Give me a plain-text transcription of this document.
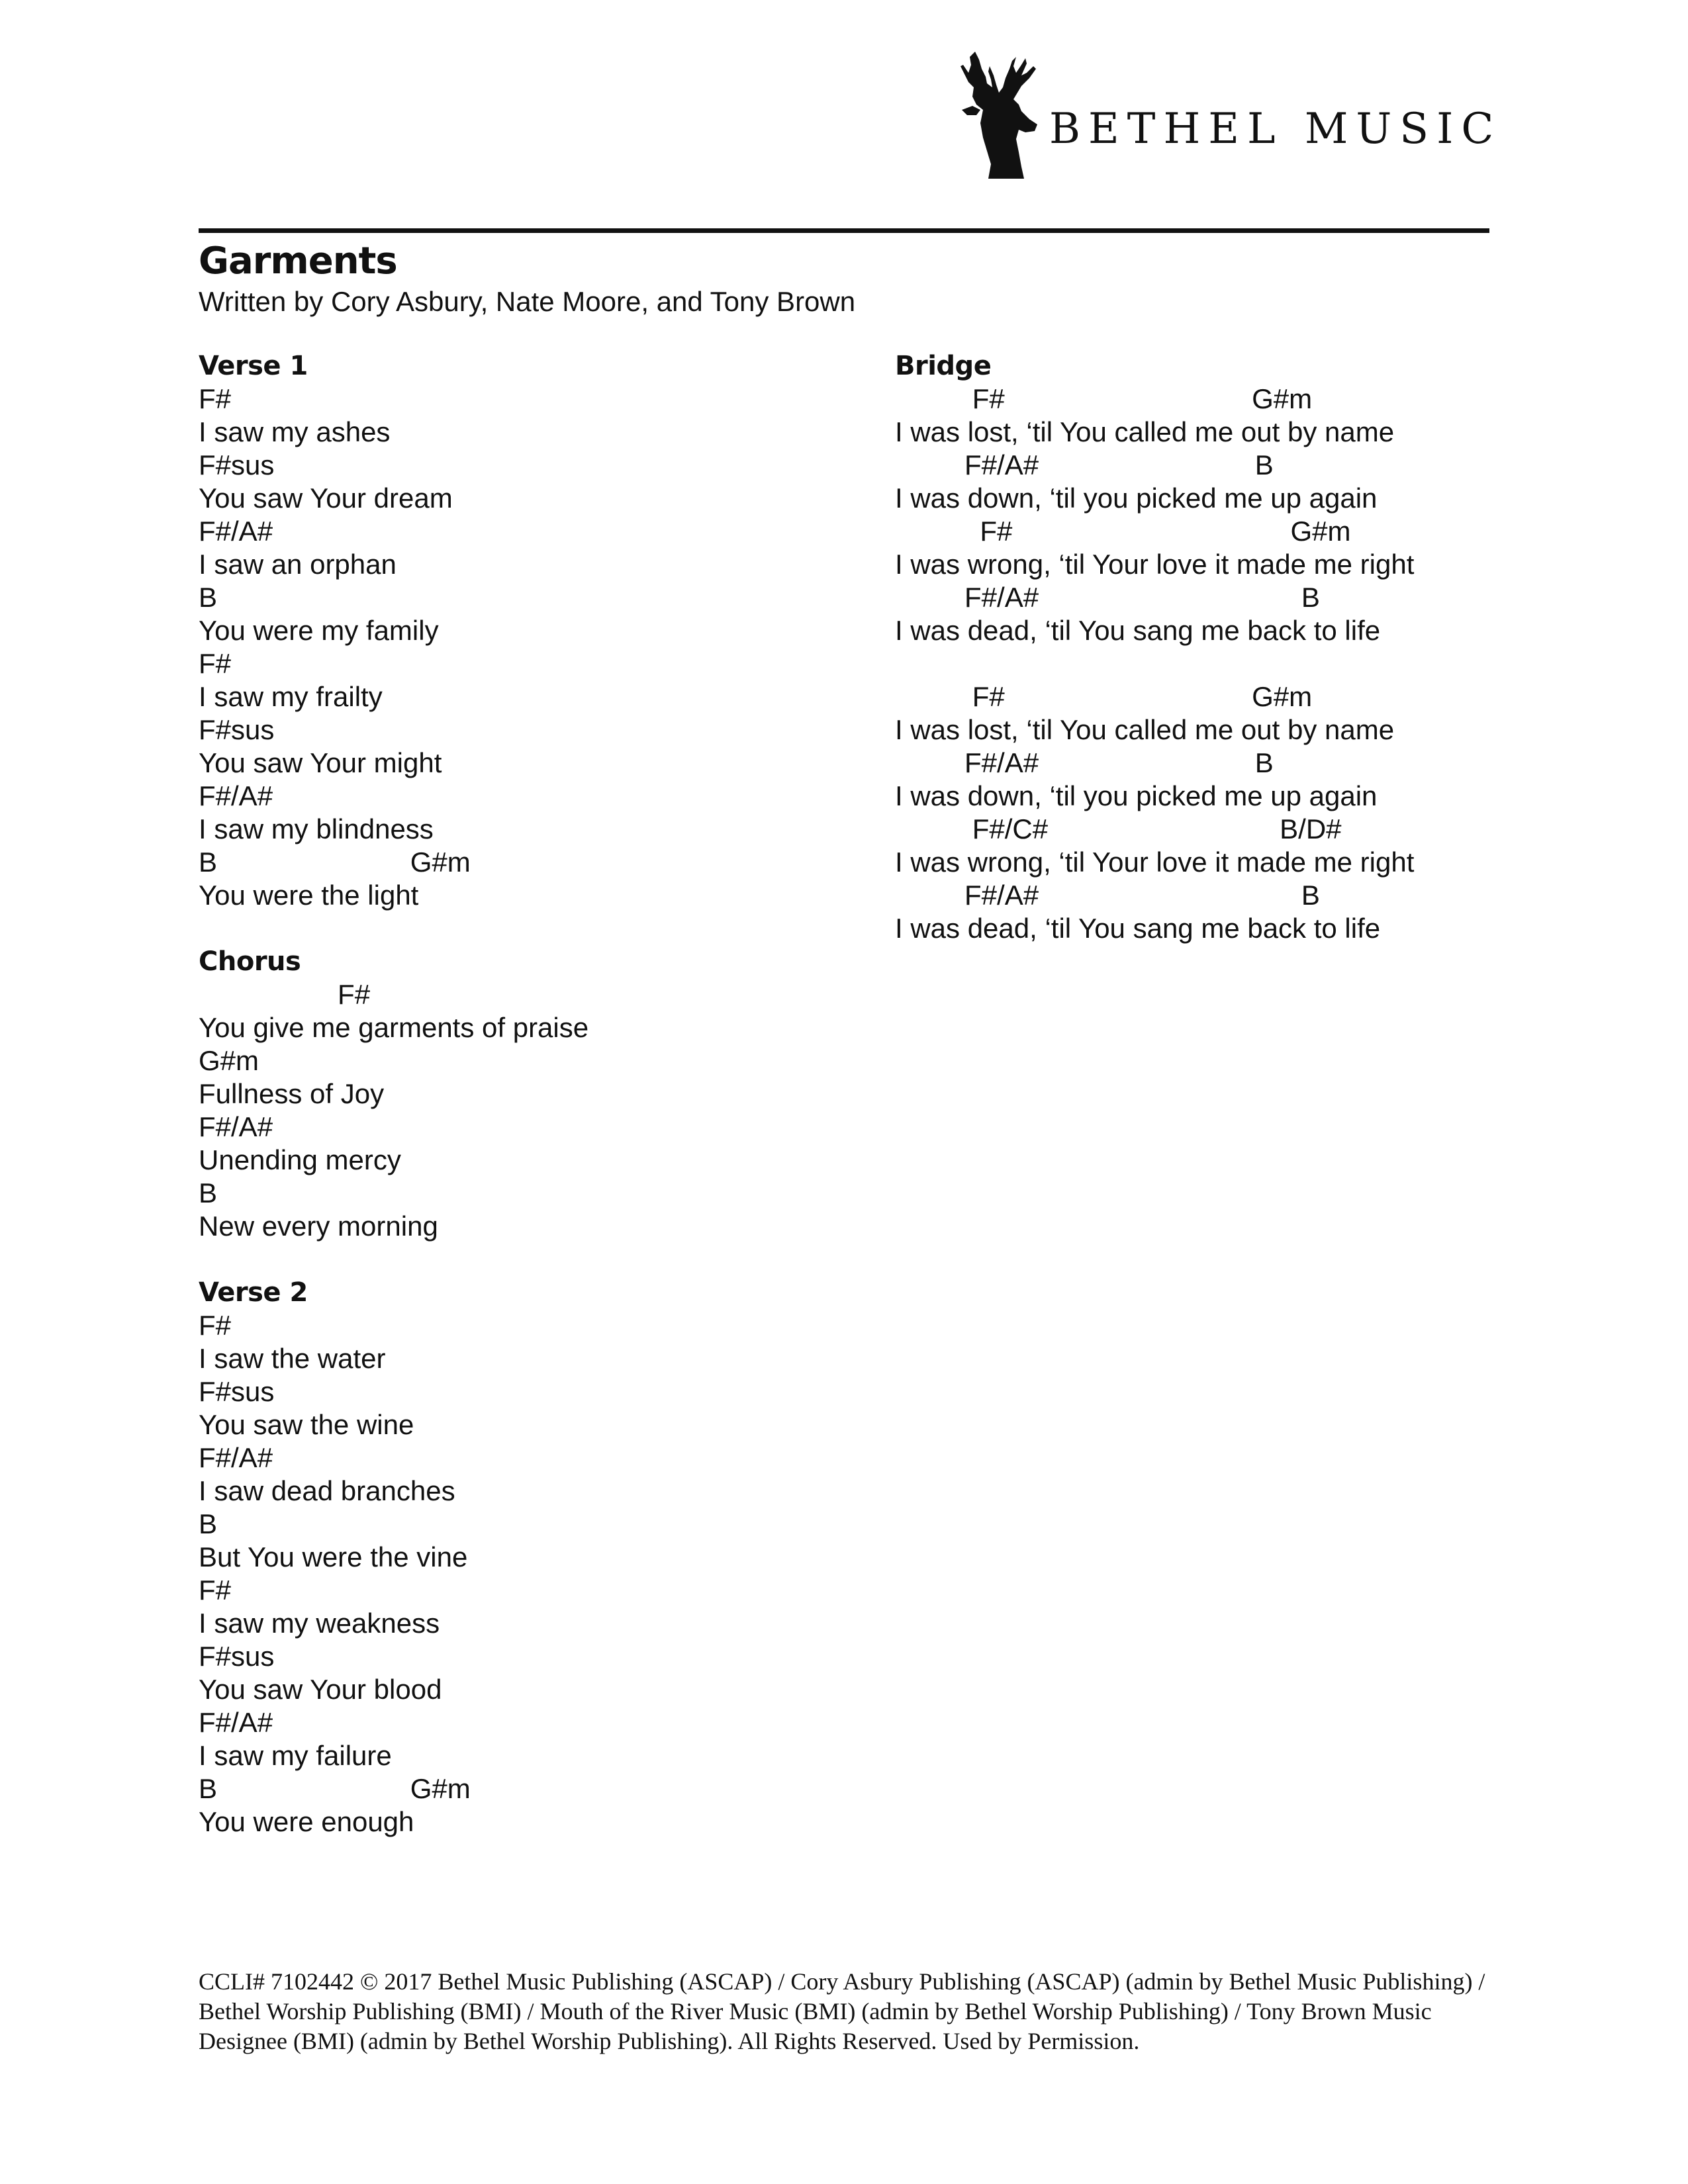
BETHEL MUSIC
Garments
Written by Cory Asbury, Nate Moore, and Tony Brown
Verse 1
F#
I saw my ashes
F#sus
You saw Your dream
F#/A#
I saw an orphan
B
You were my family
F#
I saw my frailty
F#sus
You saw Your might
F#/A#
I saw my blindness
B                         G#m
You were the light
Chorus
F#
You give me garments of praise
G#m
Fullness of Joy
F#/A#
Unending mercy
B
New every morning
Verse 2
F#
I saw the water
F#sus
You saw the wine
F#/A#
I saw dead branches
B
But You were the vine
F#
I saw my weakness
F#sus
You saw Your blood
F#/A#
I saw my failure
B                         G#m
You were enough
Bridge
F#                                G#m
I was lost, ‘til You called me out by name
F#/A#                            B
I was down, ‘til you picked me up again
F#                                    G#m
I was wrong, ‘til Your love it made me right
F#/A#                                  B
I was dead, ‘til You sang me back to life
F#                                G#m
I was lost, ‘til You called me out by name
F#/A#                            B
I was down, ‘til you picked me up again
F#/C#                              B/D#
I was wrong, ‘til Your love it made me right
F#/A#                                  B
I was dead, ‘til You sang me back to life
CCLI# 7102442 © 2017 Bethel Music Publishing (ASCAP) / Cory Asbury Publishing (ASCAP) (admin by Bethel Music Publishing) / Bethel Worship Publishing (BMI) / Mouth of the River Music (BMI) (admin by Bethel Worship Publishing) / Tony Brown Music Designee (BMI) (admin by Bethel Worship Publishing). All Rights Reserved. Used by Permission.
